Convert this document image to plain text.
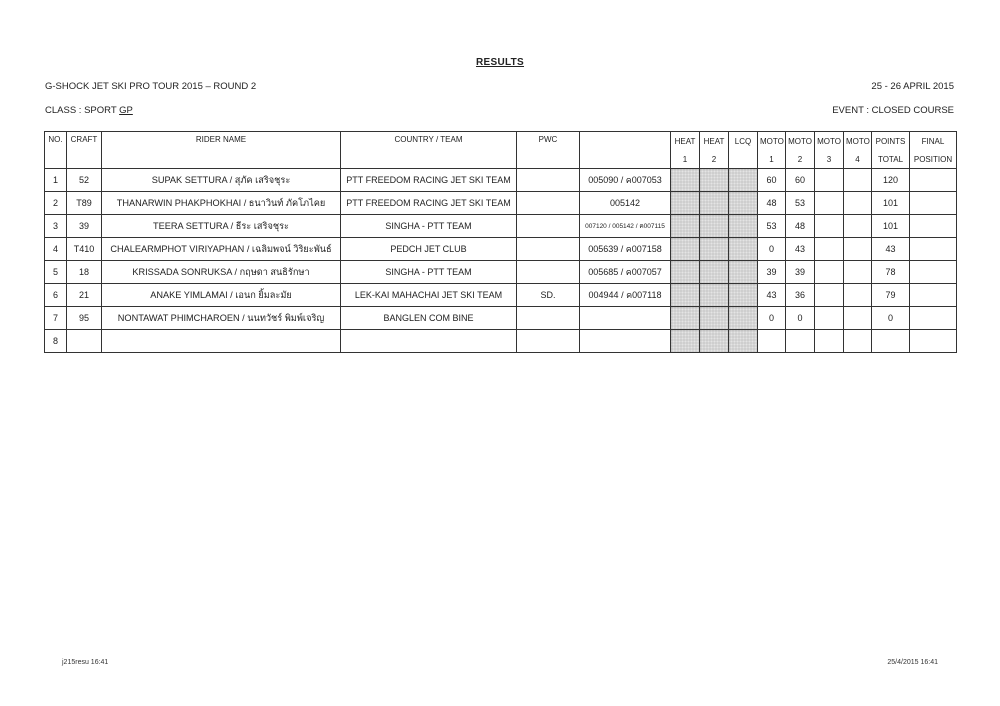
RESULTS
G-SHOCK JET SKI PRO TOUR 2015 – ROUND 2	25 - 26 APRIL 2015
CLASS : SPORT GP	EVENT : CLOSED COURSE
NO.	CRAFT	RIDER NAME	COUNTRY / TEAM	PWC		HEAT	HEAT	LCQ	MOTO	MOTO	MOTO	MOTO	POINTS	FINAL
						1	2		1	2	3	4	TOTAL	POSITION
1	52	SUPAK SETTURA / สุภัค เสริจชุระ	PTT FREEDOM RACING JET SKI TEAM		005090 / ค007053				60	60			120	
2	T89	THANARWIN PHAKPHOKHAI / ธนาวินท์ ภัคโภไคย	PTT FREEDOM RACING JET SKI TEAM		005142				48	53			101	
3	39	TEERA SETTURA / ธีระ เสริจชุระ	SINGHA - PTT TEAM		007120 / 005142 / ค007115				53	48			101	
4	T410	CHALEARMPHOT VIRIYAPHAN / เฉลิมพจน์ วิริยะพันธ์	PEDCH JET CLUB		005639 / ค007158				0	43			43	
5	18	KRISSADA SONRUKSA / กฤษดา สนธิรักษา	SINGHA - PTT TEAM		005685 / ค007057				39	39			78	
6	21	ANAKE YIMLAMAI / เอนก ยิ้มละมัย	LEK-KAI MAHACHAI JET SKI TEAM	SD.	004944 / ค007118				43	36			79	
7	95	NONTAWAT PHIMCHAROEN / นนทวัชร์ พิมพ์เจริญ	BANGLEN COM BINE						0	0			0	
8														
j215resu 16:41	25/4/2015 16:41
